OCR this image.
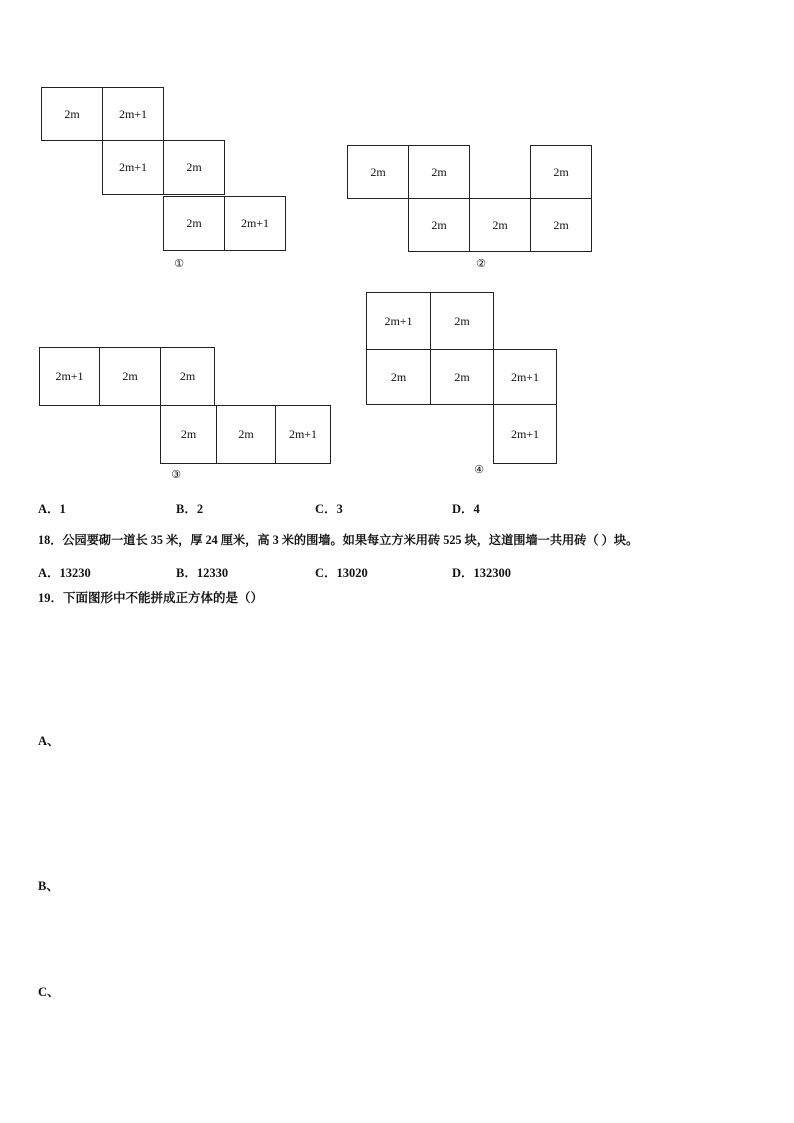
2m	2m+1
2m+1	2m
2m	2m+1
①
2m	2m	2m
2m	2m	2m
②
2m+1	2m	2m
2m	2m	2m+1
③
2m+1	2m
2m	2m	2m+1
2m+1
④
A．1	B．2	C．3	D．4
18．公园要砌一道长 35 米，厚 24 厘米，高 3 米的围墙。如果每立方米用砖 525 块，这道围墙一共用砖（ ）块。
A．13230	B．12330	C．13020	D．132300
19．下面图形中不能拼成正方体的是（）
A、
B、
C、
